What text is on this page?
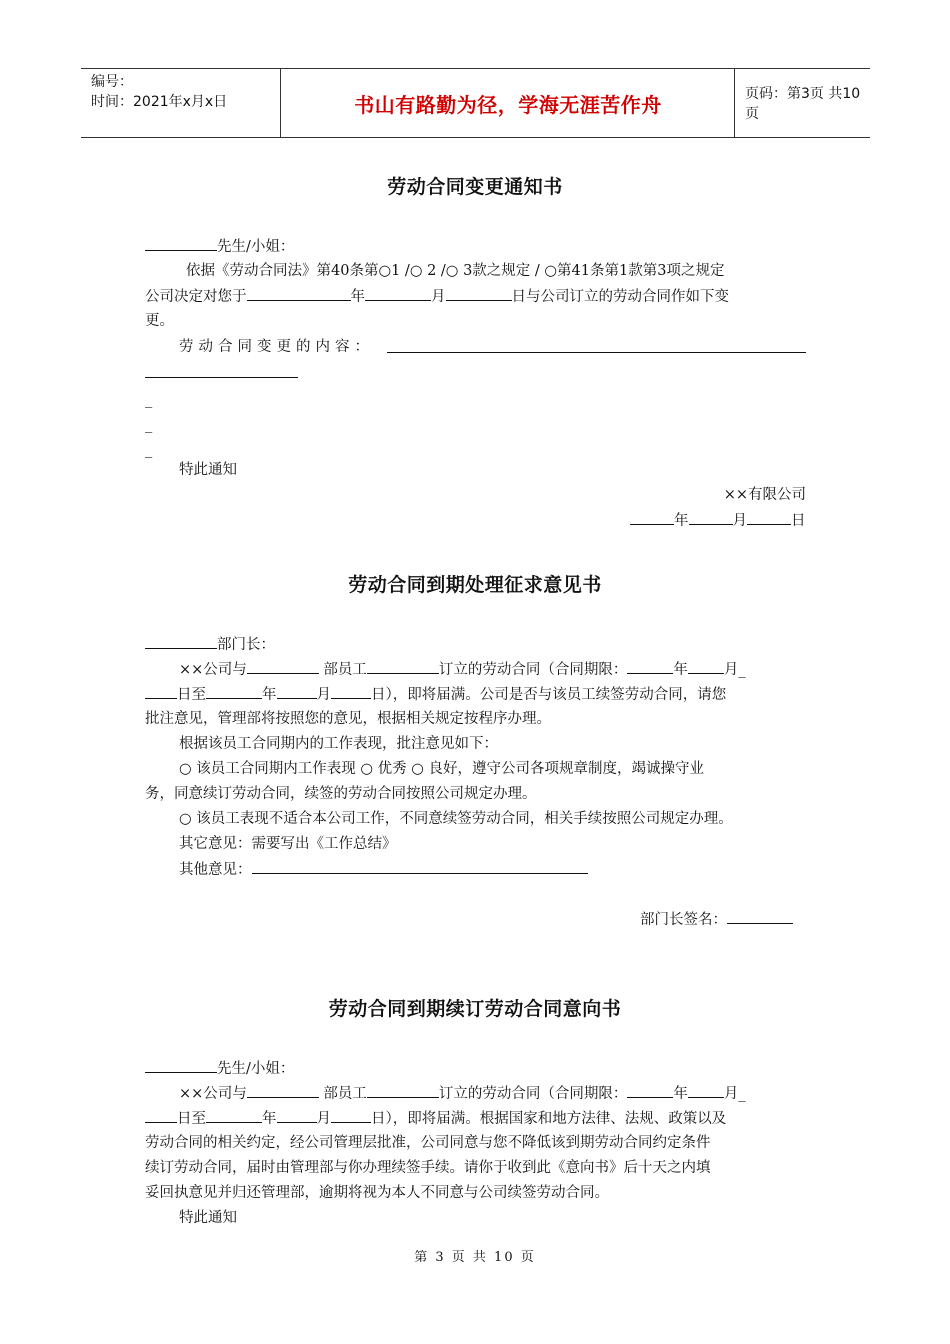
编号：
时间：2021年x月x日	书山有路勤为径，学海无涯苦作舟	页码：第3页 共10页
劳动合同变更通知书
先生/小姐：
依据《劳动合同法》第40条第○1 /○ 2 /○ 3款之规定 / ○第41条第1款第3项之规定
公司决定对您于	年	月	日与公司订立的劳动合同作如下变
更。
劳动合同变更的内容：
_
_
_
特此通知
××有限公司
年	月	日
劳动合同到期处理征求意见书
部门长：
××公司与	部员工	订立的劳动合同（合同期限：	年 月_
日至	年	月	日），即将届满。公司是否与该员工续签劳动合同，请您
批注意见，管理部将按照您的意见，根据相关规定按程序办理。
根据该员工合同期内的工作表现，批注意见如下：
○ 该员工合同期内工作表现 ○ 优秀 ○ 良好，遵守公司各项规章制度，竭诚操守业
务，同意续订劳动合同，续签的劳动合同按照公司规定办理。
○ 该员工表现不适合本公司工作，不同意续签劳动合同，相关手续按照公司规定办理。
其它意见：需要写出《工作总结》
其他意见：
部门长签名：
劳动合同到期续订劳动合同意向书
先生/小姐：
××公司与	部员工	订立的劳动合同（合同期限：	年 月_
日至	年	月	日），即将届满。根据国家和地方法律、法规、政策以及
劳动合同的相关约定，经公司管理层批准，公司同意与您不降低该到期劳动合同约定条件
续订劳动合同，届时由管理部与你办理续签手续。请你于收到此《意向书》后十天之内填
妥回执意见并归还管理部，逾期将视为本人不同意与公司续签劳动合同。
特此通知
第 3 页 共 10 页
